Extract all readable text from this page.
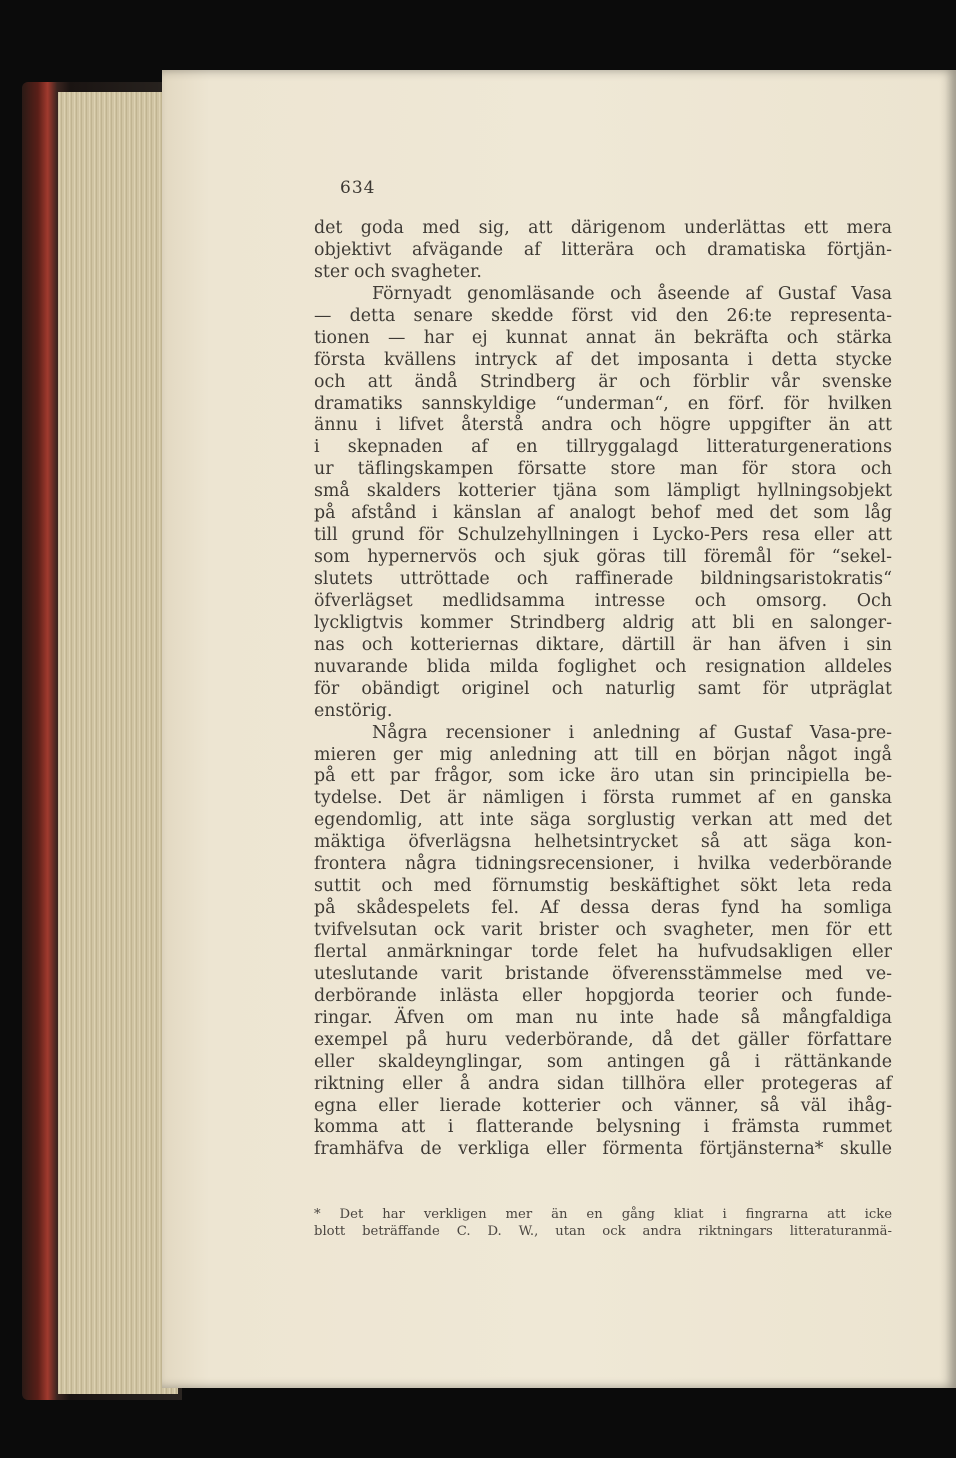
634
det goda med sig, att därigenom underlättas ett mera
objektivt afvägande af litterära och dramatiska förtjän-
ster och svagheter.
Förnyadt genomläsande och åseende af Gustaf Vasa
— detta senare skedde först vid den 26:te representa-
tionen — har ej kunnat annat än bekräfta och stärka
första kvällens intryck af det imposanta i detta stycke
och att ändå Strindberg är och förblir vår svenske
dramatiks sannskyldige “underman“, en förf. för hvilken
ännu i lifvet återstå andra och högre uppgifter än att
i skepnaden af en tillryggalagd litteraturgenerations
ur täflingskampen försatte store man för stora och
små skalders kotterier tjäna som lämpligt hyllningsobjekt
på afstånd i känslan af analogt behof med det som låg
till grund för Schulzehyllningen i Lycko-Pers resa eller att
som hypernervös och sjuk göras till föremål för “sekel-
slutets uttröttade och raffinerade bildningsaristokratis“
öfverlägset medlidsamma intresse och omsorg. Och
lyckligtvis kommer Strindberg aldrig att bli en salonger-
nas och kotteriernas diktare, därtill är han äfven i sin
nuvarande blida milda foglighet och resignation alldeles
för obändigt originel och naturlig samt för utpräglat
enstörig.
Några recensioner i anledning af Gustaf Vasa-pre-
mieren ger mig anledning att till en början något ingå
på ett par frågor, som icke äro utan sin principiella be-
tydelse. Det är nämligen i första rummet af en ganska
egendomlig, att inte säga sorglustig verkan att med det
mäktiga öfverlägsna helhetsintrycket så att säga kon-
frontera några tidningsrecensioner, i hvilka vederbörande
suttit och med förnumstig beskäftighet sökt leta reda
på skådespelets fel. Af dessa deras fynd ha somliga
tvifvelsutan ock varit brister och svagheter, men för ett
flertal anmärkningar torde felet ha hufvudsakligen eller
uteslutande varit bristande öfverensstämmelse med ve-
derbörande inlästa eller hopgjorda teorier och funde-
ringar. Äfven om man nu inte hade så mångfaldiga
exempel på huru vederbörande, då det gäller författare
eller skaldeynglingar, som antingen gå i rättänkande
riktning eller å andra sidan tillhöra eller protegeras af
egna eller lierade kotterier och vänner, så väl ihåg-
komma att i flatterande belysning i främsta rummet
framhäfva de verkliga eller förmenta förtjänsterna* skulle
* Det har verkligen mer än en gång kliat i fingrarna att icke
blott beträffande C. D. W., utan ock andra riktningars litteraturanmä-
